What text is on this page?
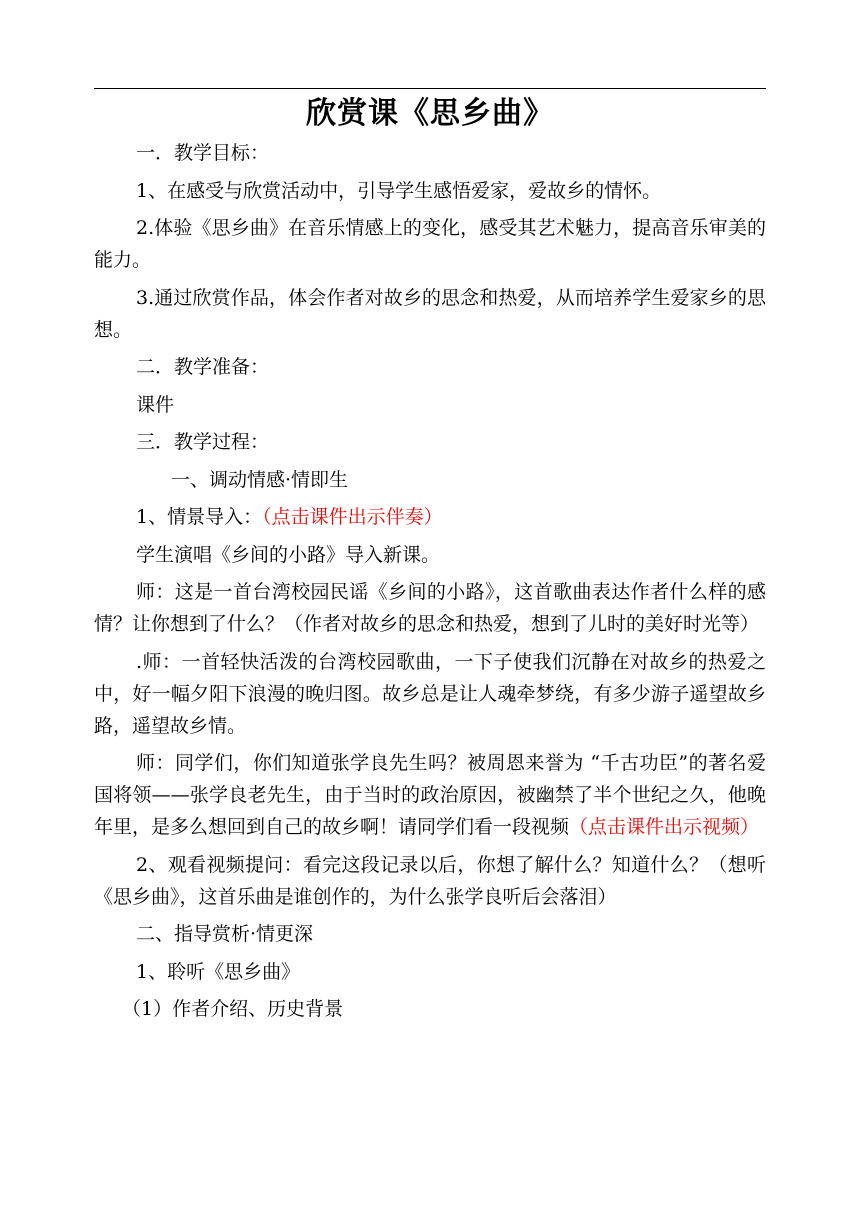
欣赏课《思乡曲》

一．教学目标：

1、在感受与欣赏活动中，引导学生感悟爱家，爱故乡的情怀。

2.体验《思乡曲》在音乐情感上的变化，感受其艺术魅力，提高音乐审美的能力。

3.通过欣赏作品，体会作者对故乡的思念和热爱，从而培养学生爱家乡的思想。

二．教学准备：

课件

三．教学过程：

一、调动情感·情即生

1、情景导入：（点击课件出示伴奏）

学生演唱《乡间的小路》导入新课。

师：这是一首台湾校园民谣《乡间的小路》，这首歌曲表达作者什么样的感情？让你想到了什么？（作者对故乡的思念和热爱，想到了儿时的美好时光等）

.师：一首轻快活泼的台湾校园歌曲，一下子使我们沉静在对故乡的热爱之中，好一幅夕阳下浪漫的晚归图。故乡总是让人魂牵梦绕，有多少游子遥望故乡路，遥望故乡情。

师：同学们，你们知道张学良先生吗？被周恩来誉为 “千古功臣”的著名爱国将领——张学良老先生，由于当时的政治原因，被幽禁了半个世纪之久，他晚年里，是多么想回到自己的故乡啊！请同学们看一段视频（点击课件出示视频）

2、观看视频提问：看完这段记录以后，你想了解什么？知道什么？（想听《思乡曲》，这首乐曲是谁创作的，为什么张学良听后会落泪）

二、指导赏析·情更深

1、聆听《思乡曲》

（1）作者介绍、历史背景
